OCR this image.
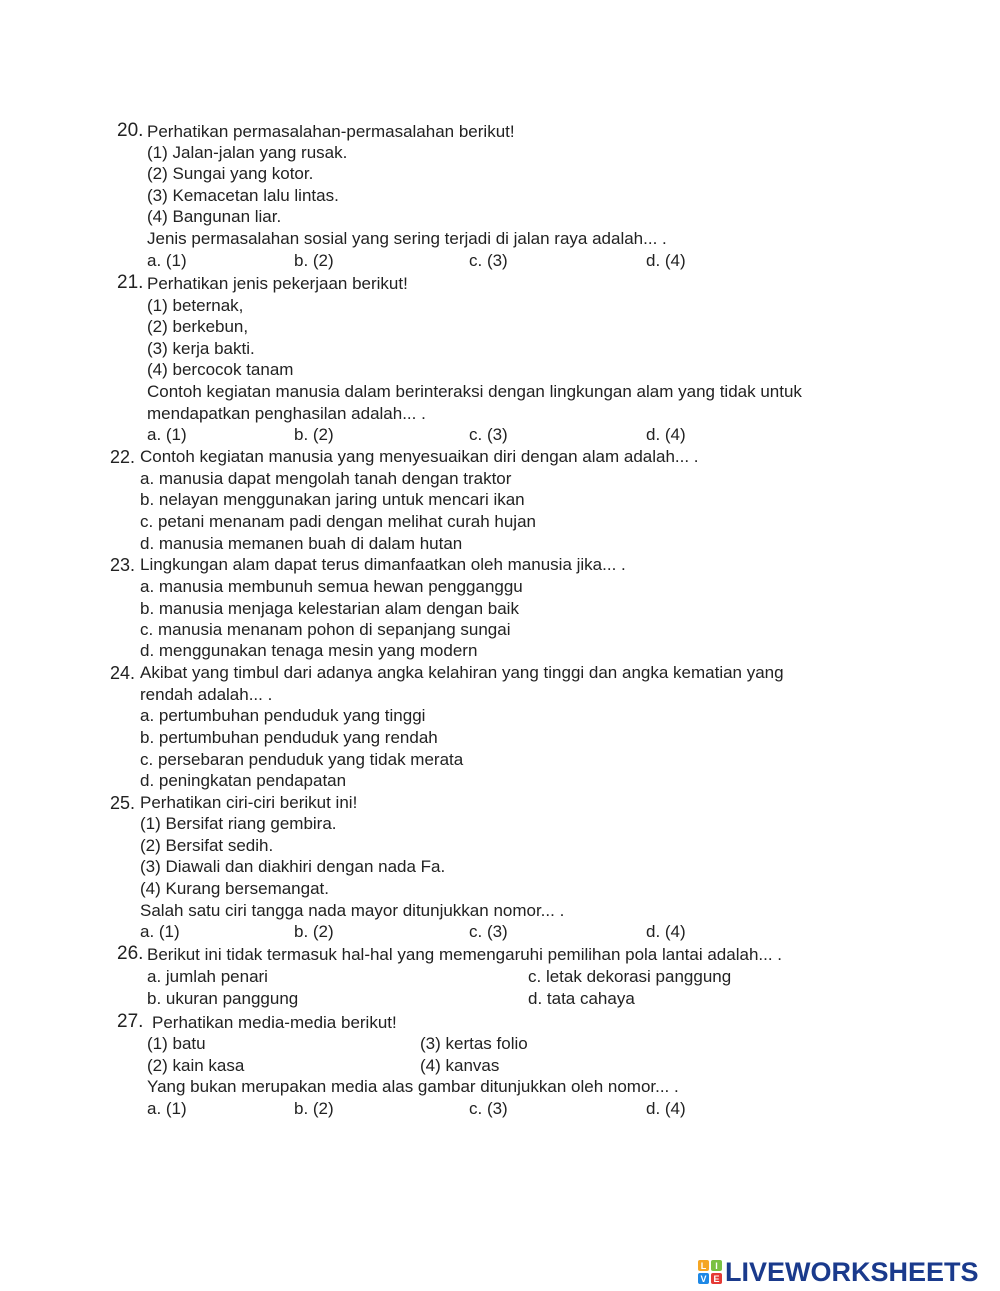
20. Perhatikan permasalahan-permasalahan berikut!
(1) Jalan-jalan yang rusak.
(2) Sungai yang kotor.
(3) Kemacetan lalu lintas.
(4) Bangunan liar.
Jenis permasalahan sosial yang sering terjadi di jalan raya adalah... .
a. (1)	b. (2)	c. (3)	d. (4)
21. Perhatikan jenis pekerjaan berikut!
(1) beternak,
(2) berkebun,
(3) kerja bakti.
(4) bercocok tanam
Contoh kegiatan manusia dalam berinteraksi dengan lingkungan alam yang tidak untuk
mendapatkan penghasilan adalah... .
a. (1)	b. (2)	c. (3)	d. (4)
22. Contoh kegiatan manusia yang menyesuaikan diri dengan alam adalah... .
a. manusia dapat mengolah tanah dengan traktor
b. nelayan menggunakan jaring untuk mencari ikan
c. petani menanam padi dengan melihat curah hujan
d. manusia memanen buah di dalam hutan
23. Lingkungan alam dapat terus dimanfaatkan oleh manusia jika... .
a. manusia membunuh semua hewan pengganggu
b. manusia menjaga kelestarian alam dengan baik
c. manusia menanam pohon di sepanjang sungai
d. menggunakan tenaga mesin yang modern
24. Akibat yang timbul dari adanya angka kelahiran yang tinggi dan angka kematian yang
rendah adalah... .
a. pertumbuhan penduduk yang tinggi
b. pertumbuhan penduduk yang rendah
c. persebaran penduduk yang tidak merata
d. peningkatan pendapatan
25. Perhatikan ciri-ciri berikut ini!
(1) Bersifat riang gembira.
(2) Bersifat sedih.
(3) Diawali dan diakhiri dengan nada Fa.
(4) Kurang bersemangat.
Salah satu ciri tangga nada mayor ditunjukkan nomor... .
a. (1)	b. (2)	c. (3)	d. (4)
26. Berikut ini tidak termasuk hal-hal yang memengaruhi pemilihan pola lantai adalah... .
a. jumlah penari	c. letak dekorasi panggung
b. ukuran panggung	d. tata cahaya
27. Perhatikan media-media berikut!
(1) batu	(3) kertas folio
(2) kain kasa	(4) kanvas
Yang bukan merupakan media alas gambar ditunjukkan oleh nomor... .
a. (1)	b. (2)	c. (3)	d. (4)
L I
V E LIVEWORKSHEETS
